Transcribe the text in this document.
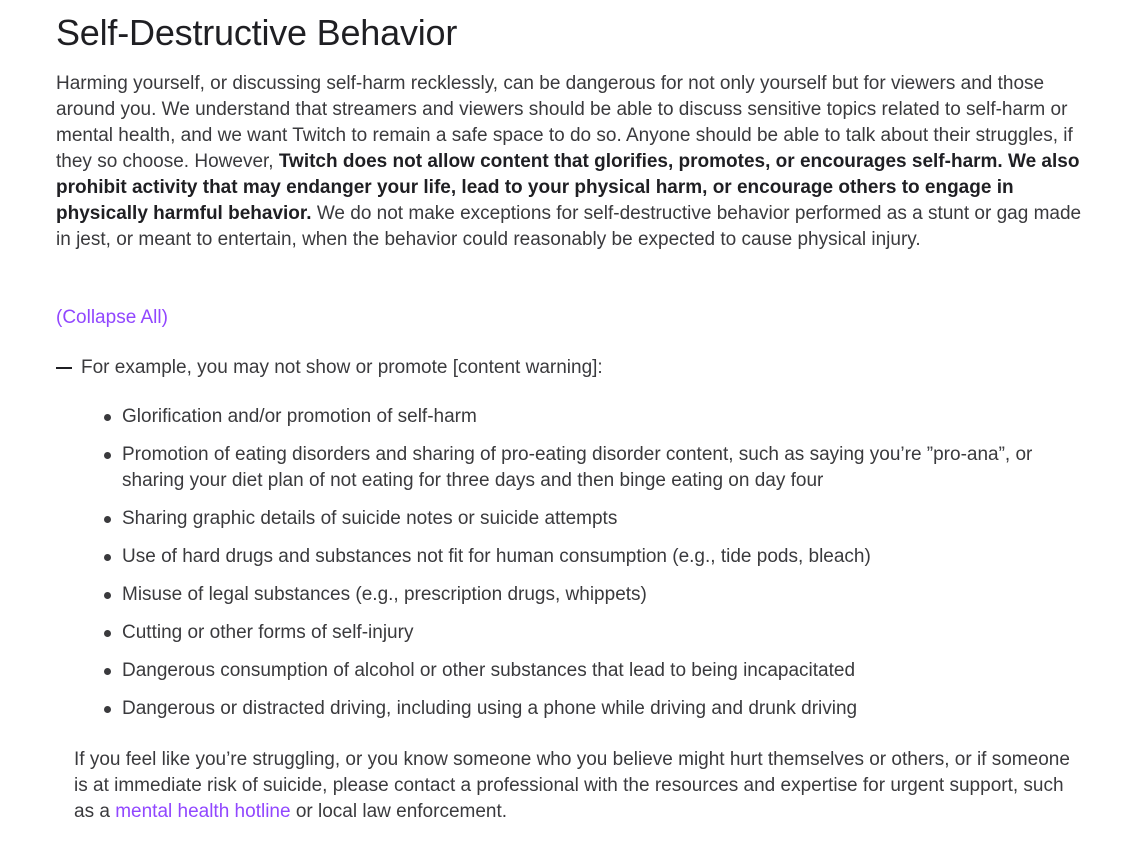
Self-Destructive Behavior

Harming yourself, or discussing self-harm recklessly, can be dangerous for not only yourself but for viewers and those around you. We understand that streamers and viewers should be able to discuss sensitive topics related to self-harm or mental health, and we want Twitch to remain a safe space to do so. Anyone should be able to talk about their struggles, if they so choose. However, Twitch does not allow content that glorifies, promotes, or encourages self-harm. We also prohibit activity that may endanger your life, lead to your physical harm, or encourage others to engage in physically harmful behavior. We do not make exceptions for self-destructive behavior performed as a stunt or gag made in jest, or meant to entertain, when the behavior could reasonably be expected to cause physical injury.

(Collapse All)
For example, you may not show or promote [content warning]:
Glorification and/or promotion of self-harm
Promotion of eating disorders and sharing of pro-eating disorder content, such as saying you’re ”pro-ana”, or sharing your diet plan of not eating for three days and then binge eating on day four
Sharing graphic details of suicide notes or suicide attempts
Use of hard drugs and substances not fit for human consumption (e.g., tide pods, bleach)
Misuse of legal substances (e.g., prescription drugs, whippets)
Cutting or other forms of self-injury
Dangerous consumption of alcohol or other substances that lead to being incapacitated
Dangerous or distracted driving, including using a phone while driving and drunk driving

If you feel like you’re struggling, or you know someone who you believe might hurt themselves or others, or if someone is at immediate risk of suicide, please contact a professional with the resources and expertise for urgent support, such as a mental health hotline or local law enforcement.
